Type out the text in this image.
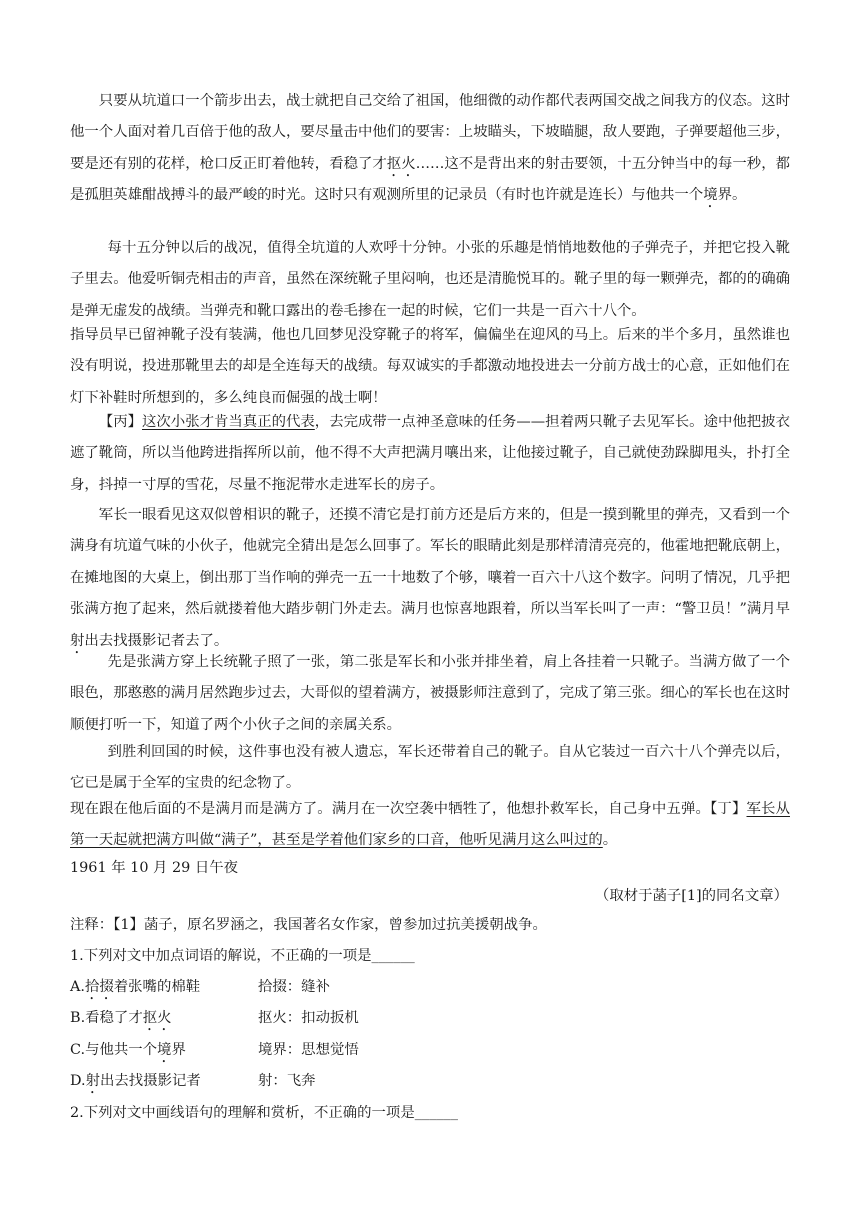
只要从坑道口一个箭步出去，战士就把自己交给了祖国，他细微的动作都代表两国交战之间我方的仪态。这时他一个人面对着几百倍于他的敌人，要尽量击中他们的要害：上坡瞄头，下坡瞄腿，敌人要跑，子弹要超他三步，要是还有别的花样，枪口反正盯着他转，看稳了才抠火……这不是背出来的射击要领，十五分钟当中的每一秒，都是孤胆英雄酣战搏斗的最严峻的时光。这时只有观测所里的记录员（有时也许就是连长）与他共一个境界。

每十五分钟以后的战况，值得全坑道的人欢呼十分钟。小张的乐趣是悄悄地数他的子弹壳子，并把它投入靴子里去。他爱听铜壳相击的声音，虽然在深统靴子里闷响，也还是清脆悦耳的。靴子里的每一颗弹壳，都的的确确是弹无虚发的战绩。当弹壳和靴口露出的卷毛掺在一起的时候，它们一共是一百六十八个。

指导员早已留神靴子没有装满，他也几回梦见没穿靴子的将军，偏偏坐在迎风的马上。后来的半个多月，虽然谁也没有明说，投进那靴里去的却是全连每天的战绩。每双诚实的手都激动地投进去一分前方战士的心意，正如他们在灯下补鞋时所想到的，多么纯良而倔强的战士啊！

【丙】这次小张才肯当真正的代表，去完成带一点神圣意味的任务——担着两只靴子去见军长。途中他把披衣遮了靴筒，所以当他跨进指挥所以前，他不得不大声把满月嚷出来，让他接过靴子，自己就使劲跺脚甩头，扑打全身，抖掉一寸厚的雪花，尽量不拖泥带水走进军长的房子。

军长一眼看见这双似曾相识的靴子，还摸不清它是打前方还是后方来的，但是一摸到靴里的弹壳，又看到一个满身有坑道气味的小伙子，他就完全猜出是怎么回事了。军长的眼睛此刻是那样清清亮亮的，他霍地把靴底朝上，在摊地图的大桌上，倒出那丁当作响的弹壳一五一十地数了个够，嚷着一百六十八这个数字。问明了情况，几乎把张满方抱了起来，然后就搂着他大踏步朝门外走去。满月也惊喜地跟着，所以当军长叫了一声：“警卫员！”满月早射出去找摄影记者去了。

先是张满方穿上长统靴子照了一张，第二张是军长和小张并排坐着，肩上各挂着一只靴子。当满方做了一个眼色，那憨憨的满月居然跑步过去，大哥似的望着满方，被摄影师注意到了，完成了第三张。细心的军长也在这时顺便打听一下，知道了两个小伙子之间的亲属关系。

到胜利回国的时候，这件事也没有被人遗忘，军长还带着自己的靴子。自从它装过一百六十八个弹壳以后，它已是属于全军的宝贵的纪念物了。

现在跟在他后面的不是满月而是满方了。满月在一次空袭中牺牲了，他想扑救军长，自己身中五弹。【丁】军长从第一天起就把满方叫做“满子”，甚至是学着他们家乡的口音，他听见满月这么叫过的。

1961 年 10 月 29 日午夜
（取材于菡子[1]的同名文章）
注释：【1】菡子，原名罗涵之，我国著名女作家，曾参加过抗美援朝战争。
1.下列对文中加点词语的解说，不正确的一项是______
A.拾掇着张嘴的棉鞋	拾掇：缝补
B.看稳了才抠火	抠火：扣动扳机
C.与他共一个境界	境界：思想觉悟
D.射出去找摄影记者	射：飞奔
2.下列对文中画线语句的理解和赏析，不正确的一项是______
